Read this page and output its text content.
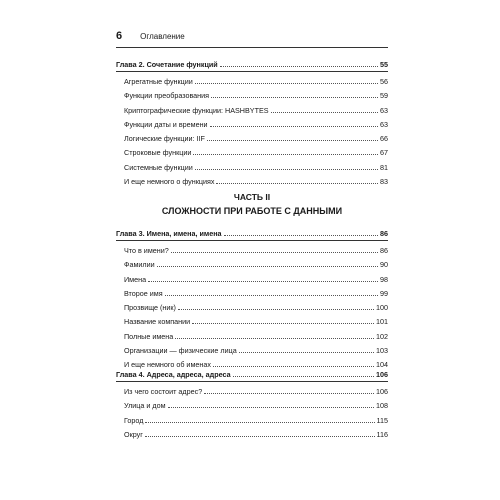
6 Оглавление
Глава 2. Сочетание функций	55
Агрегатные функции	56
Функции преобразования	59
Криптографические функции: HASHBYTES	63
Функции даты и времени	63
Логические функции: IIF	66
Строковые функции	67
Системные функции	81
И еще немного о функциях	83
ЧАСТЬ II
СЛОЖНОСТИ ПРИ РАБОТЕ С ДАННЫМИ
Глава 3. Имена, имена, имена	86
Что в имени?	86
Фамилии	90
Имена	98
Второе имя	99
Прозвище (ник)	100
Название компании	101
Полные имена	102
Организации — физические лица	103
И еще немного об именах	104
Глава 4. Адреса, адреса, адреса	106
Из чего состоит адрес?	106
Улица и дом	108
Город	115
Округ	116
